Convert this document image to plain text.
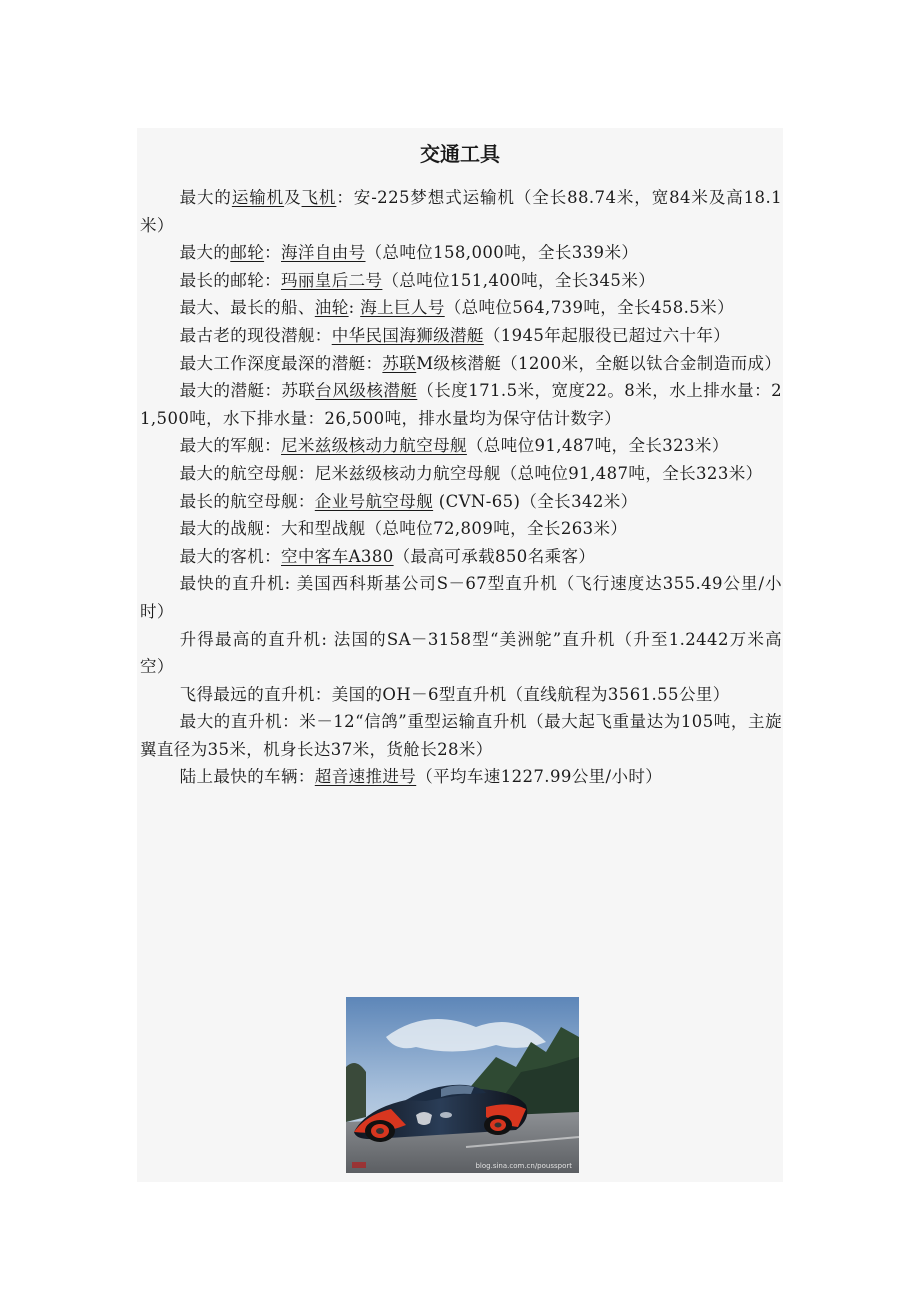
交通工具

最大的运输机及飞机：安-225梦想式运输机（全长88.74米，宽84米及高18.1米）

最大的邮轮：海洋自由号（总吨位158,000吨，全长339米）

最长的邮轮：玛丽皇后二号（总吨位151,400吨，全长345米）

最大、最长的船、油轮: 海上巨人号（总吨位564,739吨，全长458.5米）

最古老的现役潜舰：中华民国海狮级潜艇（1945年起服役已超过六十年）

最大工作深度最深的潜艇：苏联M级核潜艇（1200米，全艇以钛合金制造而成）

最大的潜艇：苏联台风级核潜艇（长度171.5米，宽度22。8米，水上排水量：21,500吨，水下排水量：26,500吨，排水量均为保守估计数字）

最大的军舰：尼米兹级核动力航空母舰（总吨位91,487吨，全长323米）

最大的航空母舰：尼米兹级核动力航空母舰（总吨位91,487吨，全长323米）

最长的航空母舰：企业号航空母舰 (CVN-65)（全长342米）

最大的战舰：大和型战舰（总吨位72,809吨，全长263米）

最大的客机：空中客车A380（最高可承载850名乘客）

最快的直升机: 美国西科斯基公司S－67型直升机（飞行速度达355.49公里/小时）

升得最高的直升机: 法国的SA－3158型“美洲鸵”直升机（升至1.2442万米高空）

飞得最远的直升机：美国的OH－6型直升机（直线航程为3561.55公里）

最大的直升机：米－12“信鸽”重型运输直升机（最大起飞重量达为105吨，主旋翼直径为35米，机身长达37米，货舱长28米）

陆上最快的车辆：超音速推进号（平均车速1227.99公里/小时）

blog.sina.com.cn/poussport
